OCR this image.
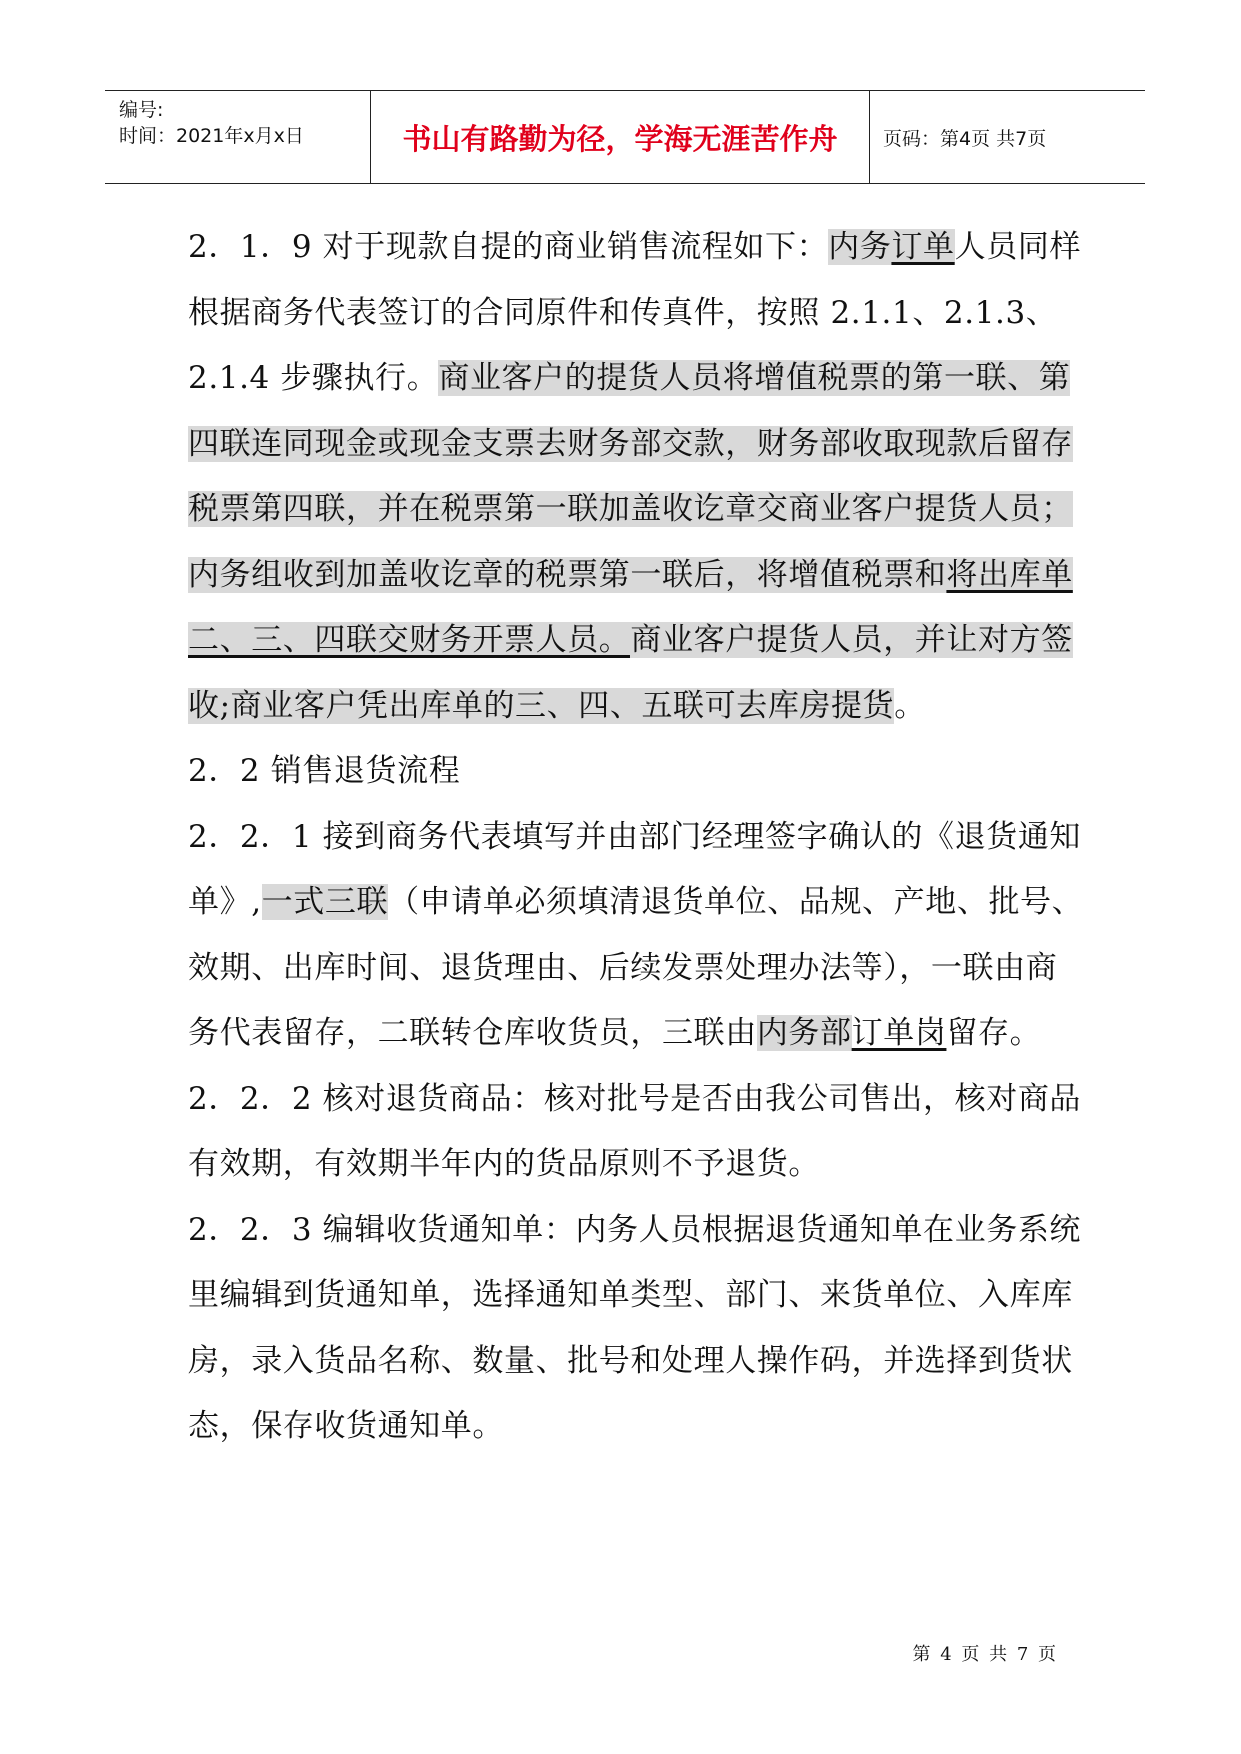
编号:
时间：2021年x月x日	书山有路勤为径，学海无涯苦作舟	页码：第4页 共7页

2．1．9 对于现款自提的商业销售流程如下：内务订单人员同样根据商务代表签订的合同原件和传真件，按照 2.1.1、2.1.3、2.1.4 步骤执行。商业客户的提货人员将增值税票的第一联、第四联连同现金或现金支票去财务部交款，财务部收取现款后留存税票第四联，并在税票第一联加盖收讫章交商业客户提货人员；内务组收到加盖收讫章的税票第一联后，将增值税票和将出库单二、三、四联交财务开票人员。商业客户提货人员，并让对方签收;商业客户凭出库单的三、四、五联可去库房提货。

2．2 销售退货流程

2．2．1 接到商务代表填写并由部门经理签字确认的《退货通知单》,一式三联（申请单必须填清退货单位、品规、产地、批号、效期、出库时间、退货理由、后续发票处理办法等），一联由商务代表留存，二联转仓库收货员，三联由内务部订单岗留存。

2．2．2 核对退货商品：核对批号是否由我公司售出，核对商品有效期，有效期半年内的货品原则不予退货。

2．2．3 编辑收货通知单：内务人员根据退货通知单在业务系统里编辑到货通知单，选择通知单类型、部门、来货单位、入库库房，录入货品名称、数量、批号和处理人操作码，并选择到货状态，保存收货通知单。

第 4 页 共 7 页
